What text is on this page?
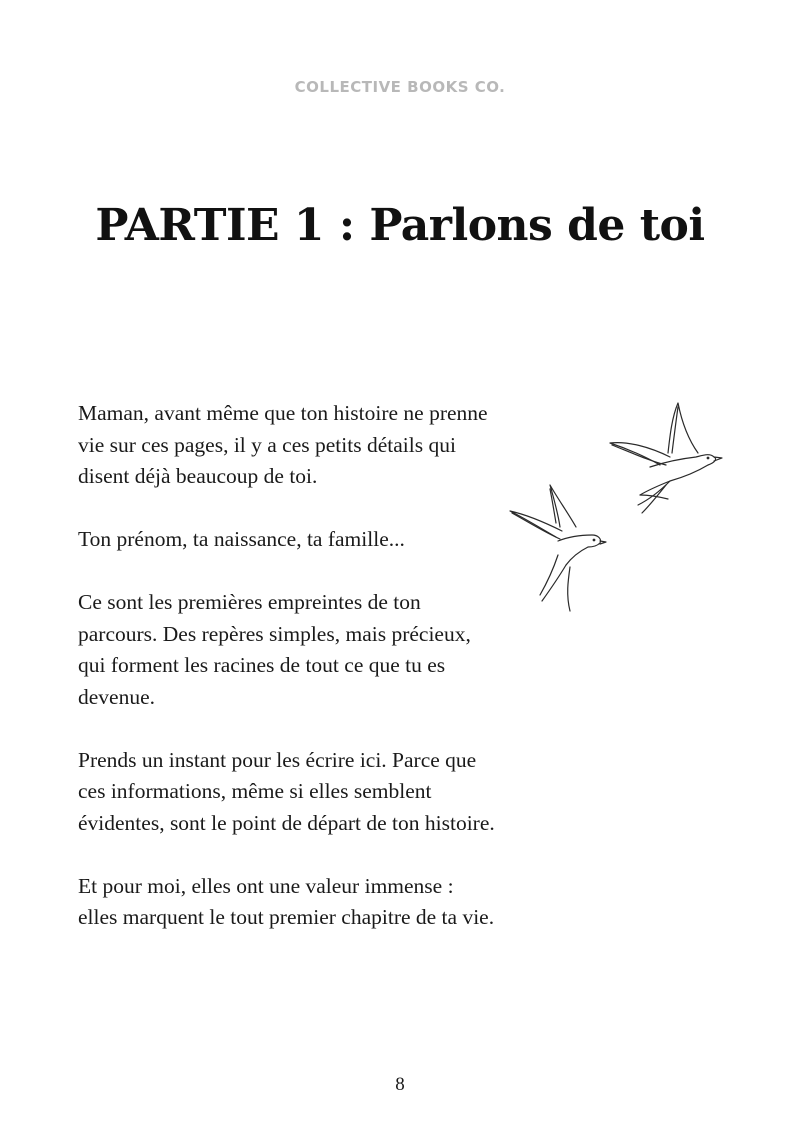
COLLECTIVE BOOKS CO.
PARTIE 1 : Parlons de toi

Maman, avant même que ton histoire ne prenne vie sur ces pages, il y a ces petits détails qui disent déjà beaucoup de toi.

Ton prénom, ta naissance, ta famille...

Ce sont les premières empreintes de ton parcours. Des repères simples, mais précieux, qui forment les racines de tout ce que tu es devenue.

Prends un instant pour les écrire ici. Parce que ces informations, même si elles semblent évidentes, sont le point de départ de ton histoire.

Et pour moi, elles ont une valeur immense : elles marquent le tout premier chapitre de ta vie.

8
